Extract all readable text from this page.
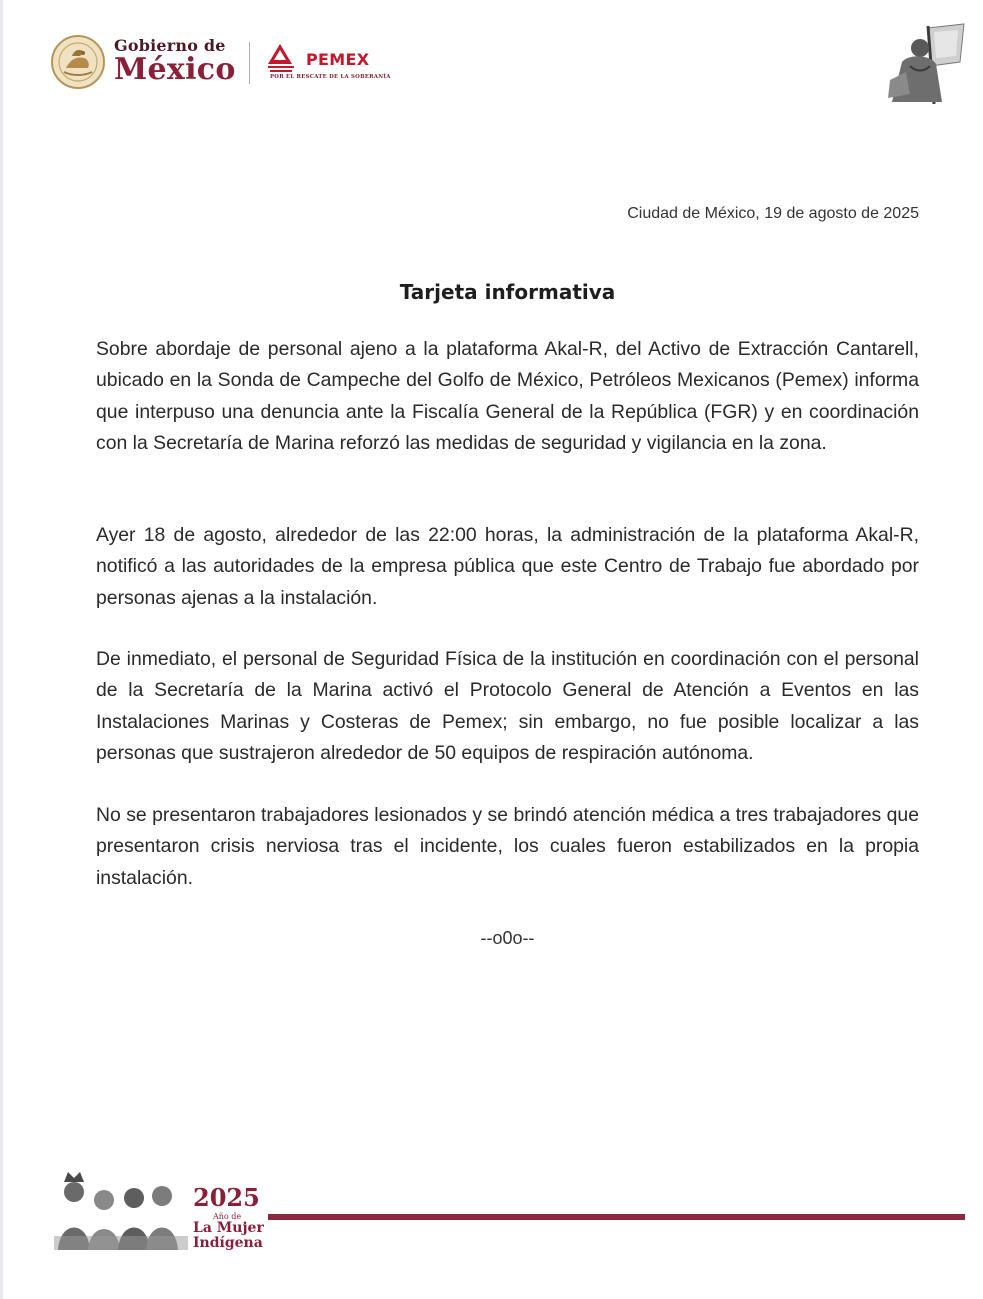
Gobierno de
México	PEMEX
POR EL RESCATE DE LA SOBERANÍA
Ciudad de México, 19 de agosto de 2025
Tarjeta informativa

Sobre abordaje de personal ajeno a la plataforma Akal-R, del Activo de Extracción Cantarell, ubicado en la Sonda de Campeche del Golfo de México, Petróleos Mexicanos (Pemex) informa que interpuso una denuncia ante la Fiscalía General de la República (FGR) y en coordinación con la Secretaría de Marina reforzó las medidas de seguridad y vigilancia en la zona.

Ayer 18 de agosto, alrededor de las 22:00 horas, la administración de la plataforma Akal-R, notificó a las autoridades de la empresa pública que este Centro de Trabajo fue abordado por personas ajenas a la instalación.

De inmediato, el personal de Seguridad Física de la institución en coordinación con el personal de la Secretaría de la Marina activó el Protocolo General de Atención a Eventos en las Instalaciones Marinas y Costeras de Pemex; sin embargo, no fue posible localizar a las personas que sustrajeron alrededor de 50 equipos de respiración autónoma.

No se presentaron trabajadores lesionados y se brindó atención médica a tres trabajadores que presentaron crisis nerviosa tras el incidente, los cuales fueron estabilizados en la propia instalación.

--o0o--
2025
Año de
La Mujer
Indígena
